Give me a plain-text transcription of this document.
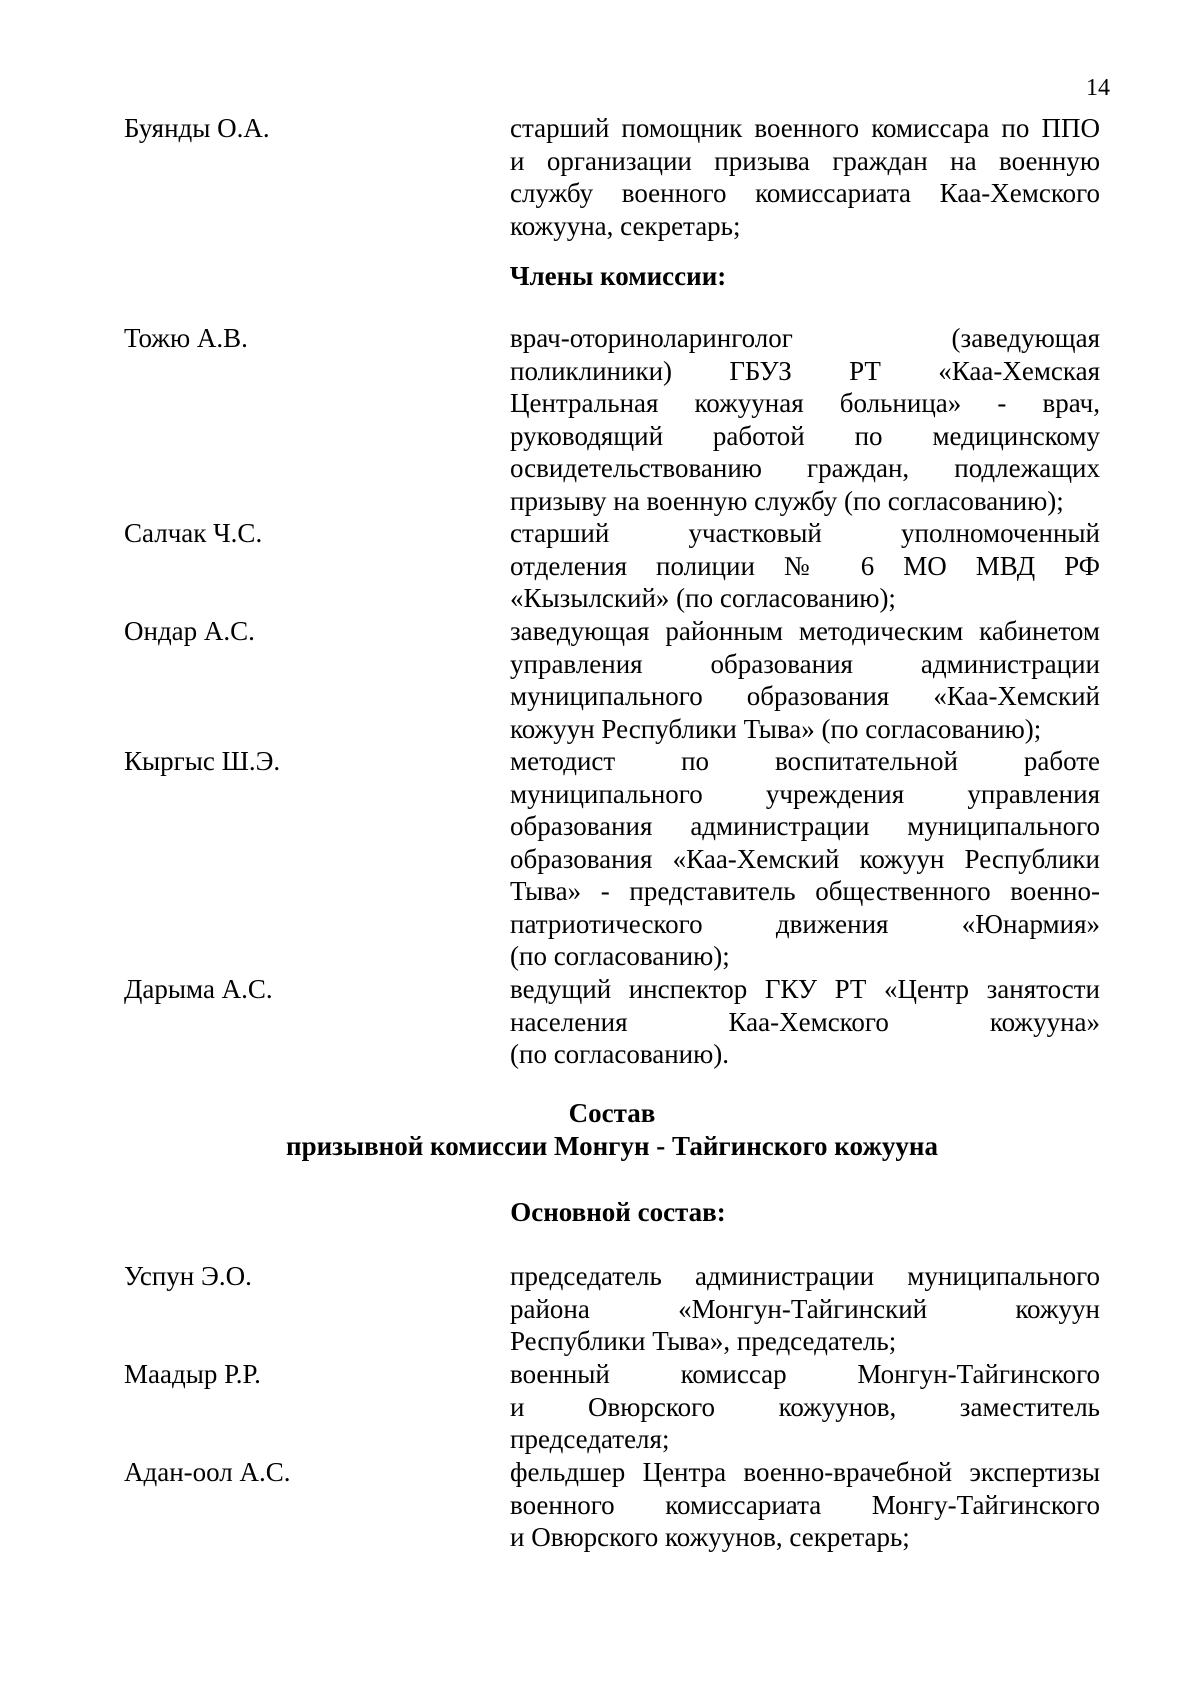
14
Буянды О.А.	старший помощник военного комиссара по ППО
и организации призыва граждан на военную
службу военного комиссариата Каа-Хемского
кожууна, секретарь;
Члены комиссии:
Тожю А.В.	врач-оториноларинголог (заведующая
поликлиники) ГБУЗ РТ «Каа-Хемская
Центральная кожууная больница» - врач,
руководящий работой по медицинскому
освидетельствованию граждан, подлежащих
призыву на военную службу (по согласованию);
Салчак Ч.С.	старший участковый уполномоченный
отделения полиции № 6 МО МВД РФ
«Кызылский» (по согласованию);
Ондар А.С.	заведующая районным методическим кабинетом
управления образования администрации
муниципального образования «Каа-Хемский
кожуун Республики Тыва» (по согласованию);
Кыргыс Ш.Э.	методист по воспитательной работе
муниципального учреждения управления
образования администрации муниципального
образования «Каа-Хемский кожуун Республики
Тыва» - представитель общественного военно-
патриотического движения «Юнармия»
(по согласованию);
Дарыма А.С.	ведущий инспектор ГКУ РТ «Центр занятости
населения Каа-Хемского кожууна»
(по согласованию).
Состав
призывной комиссии Монгун - Тайгинского кожууна
Основной состав:
Успун Э.О.	председатель администрации муниципального
района «Монгун-Тайгинский кожуун
Республики Тыва», председатель;
Маадыр Р.Р.	военный комиссар Монгун-Тайгинского
и Овюрского кожуунов, заместитель
председателя;
Адан-оол А.С.	фельдшер Центра военно-врачебной экспертизы
военного комиссариата Монгу-Тайгинского
и Овюрского кожуунов, секретарь;
